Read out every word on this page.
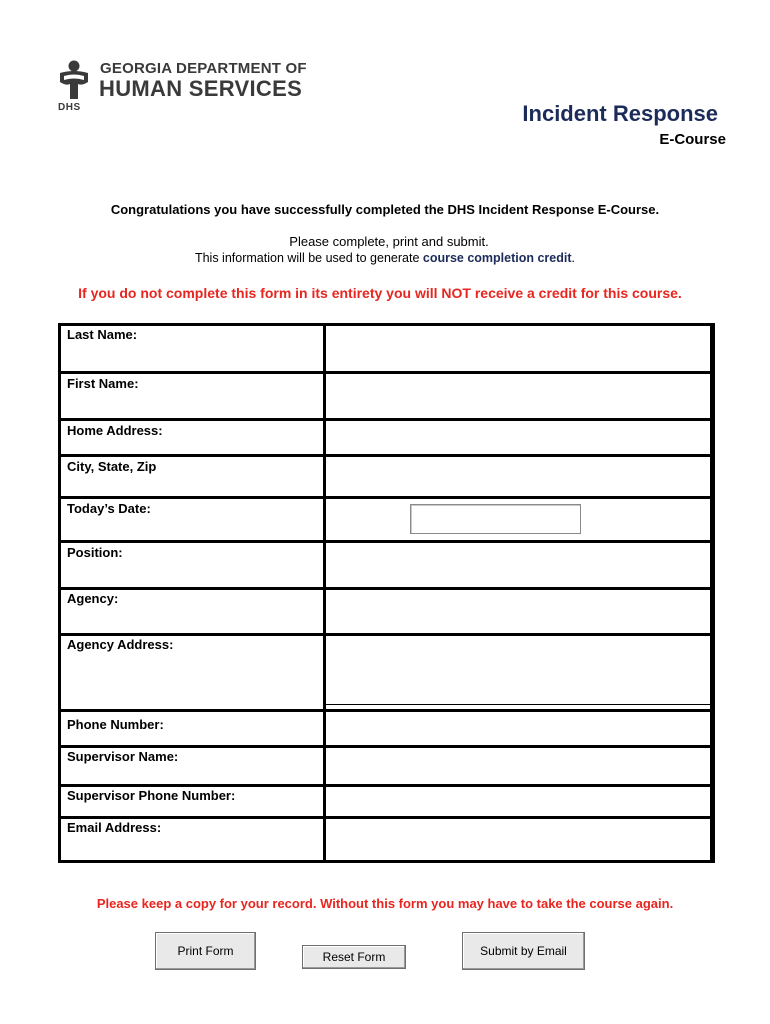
DHS
GEORGIA DEPARTMENT OF
HUMAN SERVICES
Incident Response
E-Course
Congratulations you have successfully completed the DHS Incident Response E-Course.
Please complete, print and submit.
This information will be used to generate course completion credit.
If you do not complete this form in its entirety you will NOT receive a credit for this course.
Last Name:
First Name:
Home Address:
City, State, Zip
Today’s Date:
Position:
Agency:
Agency Address:
Phone Number:
Supervisor Name:
Supervisor Phone Number:
Email Address:
Please keep a copy for your record. Without this form you may have to take the course again.
Print Form	Reset Form	Submit by Email
